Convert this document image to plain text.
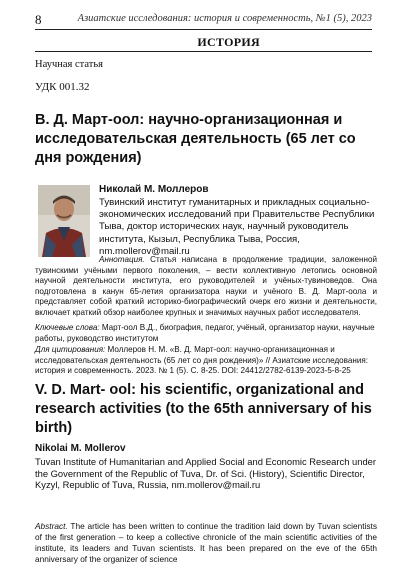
8	Азиатские исследования: история и современность, №1 (5), 2023
ИСТОРИЯ
Научная статья
УДК 001.32
В. Д. Март-оол: научно-организационная и исследовательская деятельность (65 лет со дня рождения)
Николай М. Моллеров
Тувинский институт гуманитарных и прикладных социально-экономических исследований при Правительстве Республики Тыва, доктор исторических наук, научный руководитель института, Кызыл, Республика Тыва, Россия, nm.mollerov@mail.ru
Аннотация. Статья написана в продолжение традиции, заложенной тувинскими учёными первого поколения, – вести коллективную летопись основной научной деятельности института, его руководителей и учёных-тувиноведов. Она подготовлена в канун 65-летия организатора науки и учёного В. Д. Март-оола и представляет собой краткий историко-биографический очерк его жизни и деятельности, включает краткий обзор наиболее крупных и значимых научных работ исследователя.
Ключевые слова: Март-оол В.Д., биография, педагог, учёный, организатор науки, научные работы, руководство институтом
Для цитирования: Моллеров Н. М. «В. Д. Март-оол: научно-организационная и исследовательская деятельность (65 лет со дня рождения)» // Азиатские исследования: история и современность. 2023. № 1 (5). С. 8-25. DOI: 24412/2782-6139-2023-5-8-25
V. D. Mart- ool: his scientific, organizational and research activities (to the 65th anniversary of his birth)
Nikolai M. Mollerov
Tuvan Institute of Humanitarian and Applied Social and Economic Research under the Government of the Republic of Tuva, Dr. of Sci. (History), Scientific Director, Kyzyl, Republic of Tuva, Russia, nm.mollerov@mail.ru
Abstract. The article has been written to continue the tradition laid down by Tuvan scientists of the first generation – to keep a collective chronicle of the main scientific activities of the institute, its leaders and Tuvan scientists. It has been prepared on the eve of the 65th anniversary of the organizer of science
